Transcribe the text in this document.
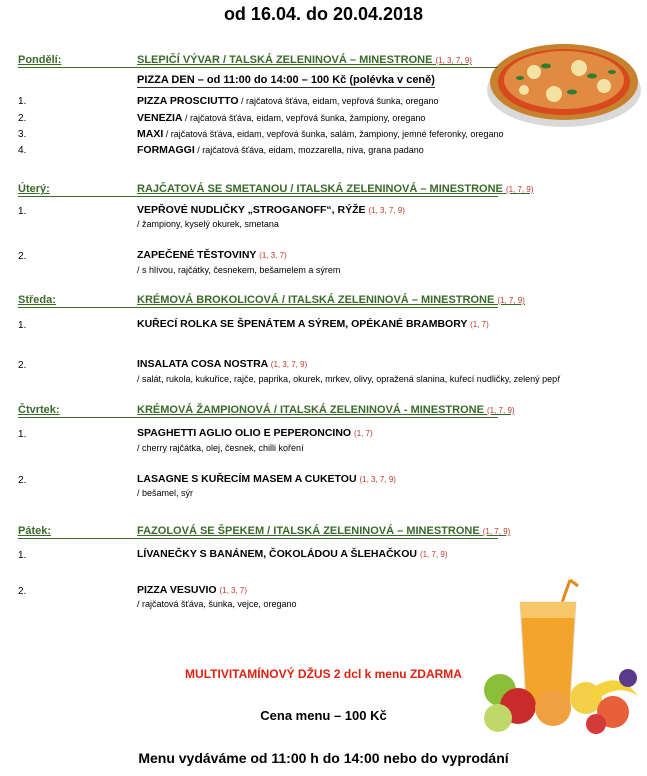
od 16.04. do 20.04.2018
Pondělí:	SLEPIČÍ VÝVAR / TALSKÁ ZELENINOVÁ – MINESTRONE (1, 3, 7, 9)
PIZZA DEN – od 11:00 do 14:00 – 100 Kč (polévka v ceně)
1.	PIZZA PROSCIUTTO / rajčatová šťáva, eidam, vepřová šunka, oregano
2.	VENEZIA / rajčatová šťáva, eidam, vepřová šunka, žampiony, oregano
3.	MAXI / rajčatová šťáva, eidam, vepřová šunka, salám, žampiony, jemné feferonky, oregano
4.	FORMAGGI / rajčatová šťáva, eidam, mozzarella, niva, grana padano
Úterý:	RAJČATOVÁ SE SMETANOU / ITALSKÁ ZELENINOVÁ – MINESTRONE (1, 7, 9)
1.	VEPŘOVÉ NUDLIČKY „STROGANOFF“, RÝŽE (1, 3, 7, 9)
/ žampiony, kyselý okurek, smetana
2.	ZAPEČENÉ TĚSTOVINY (1, 3, 7)
/ s hlívou, rajčátky, česnekem, bešamelem a sýrem
Středa:	KRÉMOVÁ BROKOLICOVÁ / ITALSKÁ ZELENINOVÁ – MINESTRONE (1, 7, 9)
1.	KUŘECÍ ROLKA SE ŠPENÁTEM A SÝREM, OPÉKANÉ BRAMBORY (1, 7)
2.	INSALATA COSA NOSTRA (1, 3, 7, 9)
/ salát, rukola, kukuřice, rajče, paprika, okurek, mrkev, olivy, opražená slanina, kuřecí nudličky, zelený pepř
Čtvrtek:	KRÉMOVÁ ŽAMPIONOVÁ / ITALSKÁ ZELENINOVÁ - MINESTRONE (1, 7, 9)
1.	SPAGHETTI AGLIO OLIO E PEPERONCINO (1, 7)
/ cherry rajčátka, olej, česnek, chilli koření
2.	LASAGNE S KUŘECÍM MASEM A CUKETOU (1, 3, 7, 9)
/ bešamel, sýr
Pátek:	FAZOLOVÁ SE ŠPEKEM / ITALSKÁ ZELENINOVÁ – MINESTRONE (1, 7, 9)
1.	LÍVANEČKY S BANÁNEM, ČOKOLÁDOU A ŠLEHAČKOU (1, 7, 9)
2.	PIZZA VESUVIO (1, 3, 7)
/ rajčatová šťáva, šunka, vejce, oregano
MULTIVITAMÍNOVÝ DŽUS 2 dcl k menu ZDARMA
Cena menu – 100 Kč
Menu vydáváme od 11:00 h do 14:00 nebo do vyprodání
